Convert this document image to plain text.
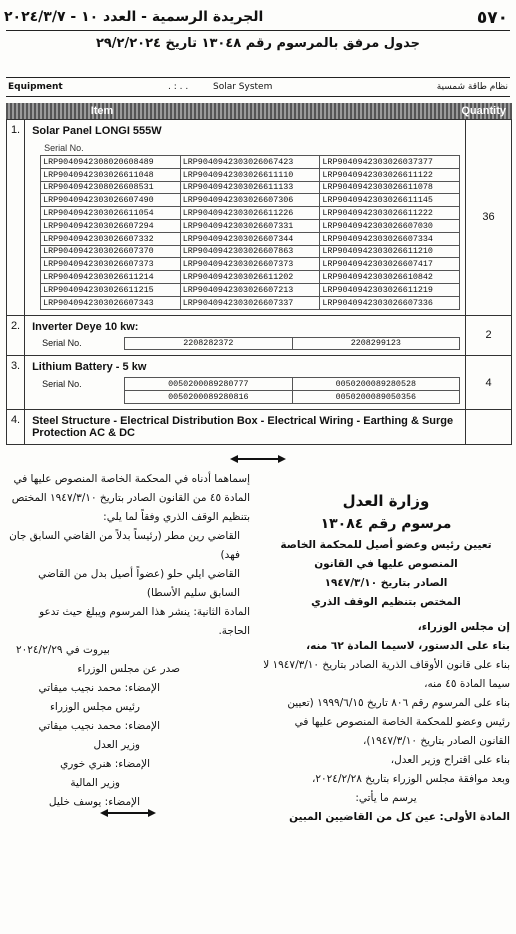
الجريدة الرسمية - العدد ١٠ - ٢٠٢٤/٣/٧	٥٧٠
جدول مرفق بالمرسوم رقم ١٣٠٤٨ تاريخ ٢٩/٢/٢٠٢٤
Equipment	. : . .	Solar System	نظام طاقة شمسية
Item	Quantity
1.	Solar Panel LONGI 555W
Serial No.
LRP9040942308020608489	LRP9040942303026067423	LRP9040942303026037377
LRP9040942303026611048	LRP9040942303026611110	LRP9040942303026611122
LRP9040942308026608531	LRP9040942303026611133	LRP9040942303026611078
LRP9040942303026607490	LRP9040942303026607306	LRP9040942303026611145
LRP9040942303026611054	LRP9040942303026611226	LRP9040942303026611222
LRP9040942303026607294	LRP9040942303026607331	LRP9040942303026607030
LRP9040942303026607332	LRP9040942303026607344	LRP9040942303026607334
LRP9040942303026607370	LRP9040942303026607863	LRP9040942303026611210
LRP9040942303026607373	LRP9040942303026607373	LRP9040942303026607417
LRP9040942303026611214	LRP9040942303026611202	LRP9040942303026610842
LRP9040942303026611215	LRP9040942303026607213	LRP9040942303026611219
LRP9040942303026607343	LRP9040942303026607337	LRP9040942303026607336
	36
2.	Inverter Deye 10 kw:
Serial No.	2208282372	2208299123
	2
3.	Lithium Battery - 5 kw
Serial No.	0050200089280777	0050200089280528
	0050200089280816	0050200089050356
	4
4.	Steel Structure - Electrical Distribution Box - Electrical Wiring - Earthing & Surge Protection AC & DC

وزارة العدل

مرسوم رقم ١٣٠٨٤

تعيين رئيس وعضو أصيل للمحكمة الخاصة

المنصوص عليها في القانون

الصادر بتاريخ ١٩٤٧/٣/١٠

المختص بتنظيم الوقف الذري

إن مجلس الوزراء،

بناء على الدستور، لاسيما المادة ٦٢ منه،

بناء على قانون الأوقاف الذرية الصادر بتاريخ ١٩٤٧/٣/١٠ لا سيما المادة ٤٥ منه،

بناء على المرسوم رقم ٨٠٦ تاريخ ١٩٩٩/٦/١٥ (تعيين رئيس وعضو للمحكمة الخاصة المنصوص عليها في القانون الصادر بتاريخ ١٩٤٧/٣/١٠)،

بناء على اقتراح وزير العدل،

وبعد موافقة مجلس الوزراء بتاريخ ٢٠٢٤/٢/٢٨،

يرسم ما يأتي:

المادة الأولى: عين كل من القاضيين المبين

إسماهما أدناه في المحكمة الخاصة المنصوص عليها في المادة ٤٥ من القانون الصادر بتاريخ ١٩٤٧/٣/١٠ المختص بتنظيم الوقف الذري وفقاً لما يلي:

القاضي رين مطر (رئيساً بدلاً من القاضي السابق جان فهد)

القاضي ايلي حلو (عضواً أصيل بدل من القاضي السابق سليم الأسطا)

المادة الثانية: ينشر هذا المرسوم ويبلغ حيث تدعو الحاجة.

بيروت في ٢٠٢٤/٢/٢٩

صدر عن مجلس الوزراء

الإمضاء: محمد نجيب ميقاتي

رئيس مجلس الوزراء

الإمضاء: محمد نجيب ميقاتي

وزير العدل

الإمضاء: هنري خوري

وزير المالية

الإمضاء: يوسف خليل
